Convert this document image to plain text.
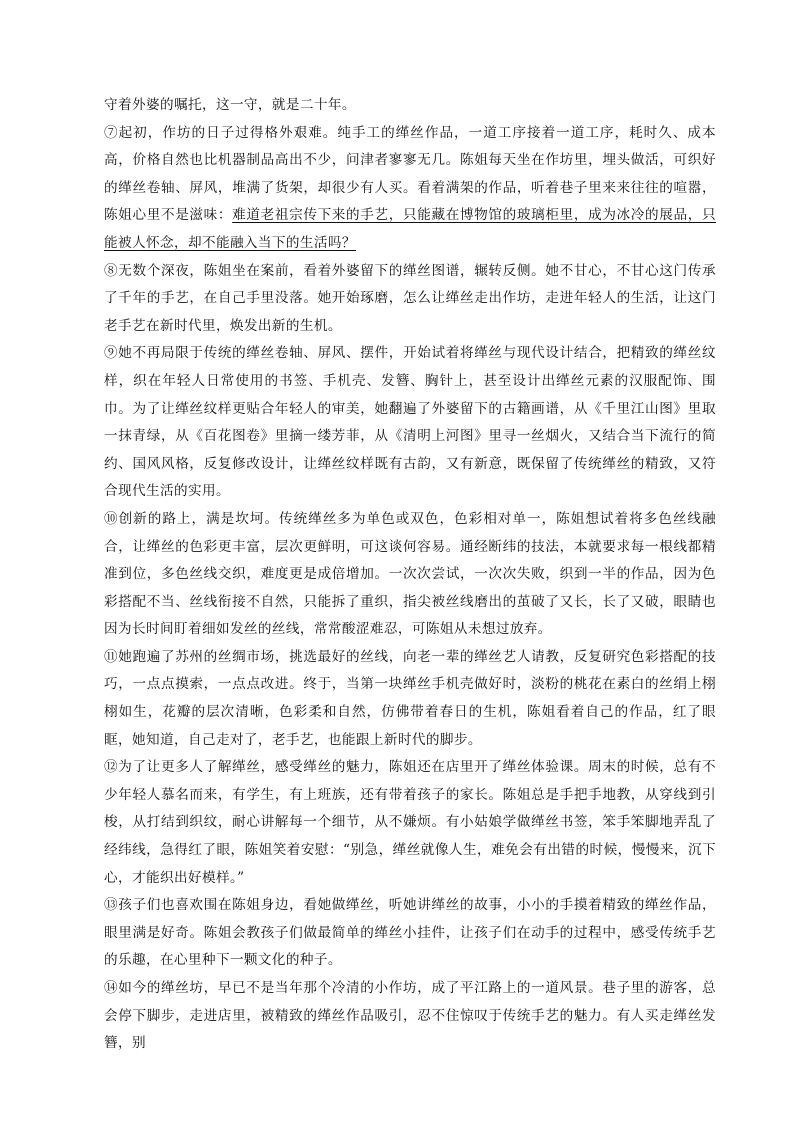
守着外婆的嘱托，这一守，就是二十年。

⑦起初，作坊的日子过得格外艰难。纯手工的缂丝作品，一道工序接着一道工序，耗时久、成本高，价格自然也比机器制品高出不少，问津者寥寥无几。陈姐每天坐在作坊里，埋头做活，可织好的缂丝卷轴、屏风，堆满了货架，却很少有人买。看着满架的作品，听着巷子里来来往往的喧嚣，陈姐心里不是滋味：难道老祖宗传下来的手艺，只能藏在博物馆的玻璃柜里，成为冰冷的展品，只能被人怀念，却不能融入当下的生活吗？

⑧无数个深夜，陈姐坐在案前，看着外婆留下的缂丝图谱，辗转反侧。她不甘心，不甘心这门传承了千年的手艺，在自己手里没落。她开始琢磨，怎么让缂丝走出作坊，走进年轻人的生活，让这门老手艺在新时代里，焕发出新的生机。

⑨她不再局限于传统的缂丝卷轴、屏风、摆件，开始试着将缂丝与现代设计结合，把精致的缂丝纹样，织在年轻人日常使用的书签、手机壳、发簪、胸针上，甚至设计出缂丝元素的汉服配饰、围巾。为了让缂丝纹样更贴合年轻人的审美，她翻遍了外婆留下的古籍画谱，从《千里江山图》里取一抹青绿，从《百花图卷》里摘一缕芳菲，从《清明上河图》里寻一丝烟火，又结合当下流行的简约、国风风格，反复修改设计，让缂丝纹样既有古韵，又有新意，既保留了传统缂丝的精致，又符合现代生活的实用。

⑩创新的路上，满是坎坷。传统缂丝多为单色或双色，色彩相对单一，陈姐想试着将多色丝线融合，让缂丝的色彩更丰富，层次更鲜明，可这谈何容易。通经断纬的技法，本就要求每一根线都精准到位，多色丝线交织，难度更是成倍增加。一次次尝试，一次次失败，织到一半的作品，因为色彩搭配不当、丝线衔接不自然，只能拆了重织，指尖被丝线磨出的茧破了又长，长了又破，眼睛也因为长时间盯着细如发丝的丝线，常常酸涩难忍，可陈姐从未想过放弃。

⑪她跑遍了苏州的丝绸市场，挑选最好的丝线，向老一辈的缂丝艺人请教，反复研究色彩搭配的技巧，一点点摸索，一点点改进。终于，当第一块缂丝手机壳做好时，淡粉的桃花在素白的丝绢上栩栩如生，花瓣的层次清晰，色彩柔和自然，仿佛带着春日的生机，陈姐看着自己的作品，红了眼眶，她知道，自己走对了，老手艺，也能跟上新时代的脚步。

⑫为了让更多人了解缂丝，感受缂丝的魅力，陈姐还在店里开了缂丝体验课。周末的时候，总有不少年轻人慕名而来，有学生，有上班族，还有带着孩子的家长。陈姐总是手把手地教，从穿线到引梭，从打结到织纹，耐心讲解每一个细节，从不嫌烦。有小姑娘学做缂丝书签，笨手笨脚地弄乱了经纬线，急得红了眼，陈姐笑着安慰：“别急，缂丝就像人生，难免会有出错的时候，慢慢来，沉下心，才能织出好模样。”

⑬孩子们也喜欢围在陈姐身边，看她做缂丝，听她讲缂丝的故事，小小的手摸着精致的缂丝作品，眼里满是好奇。陈姐会教孩子们做最简单的缂丝小挂件，让孩子们在动手的过程中，感受传统手艺的乐趣，在心里种下一颗文化的种子。

⑭如今的缂丝坊，早已不是当年那个冷清的小作坊，成了平江路上的一道风景。巷子里的游客，总会停下脚步，走进店里，被精致的缂丝作品吸引，忍不住惊叹于传统手艺的魅力。有人买走缂丝发簪，别
